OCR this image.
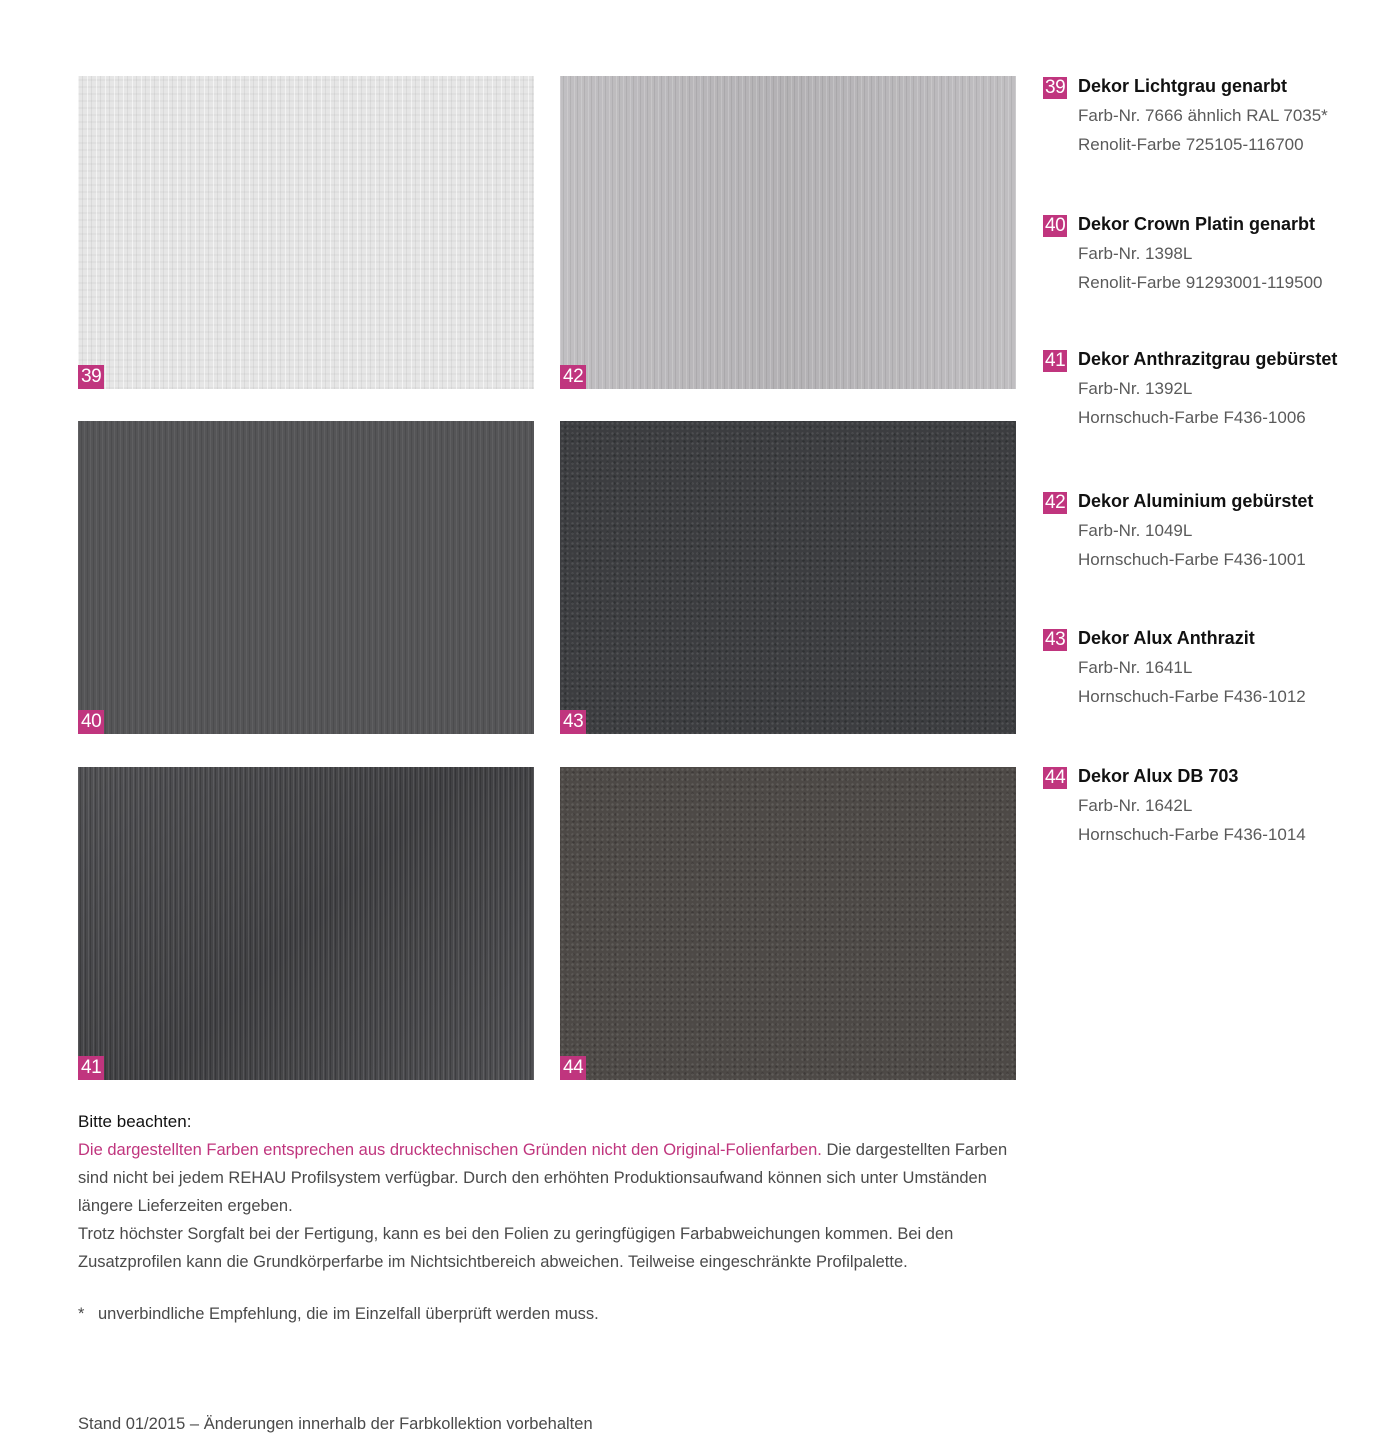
39	42
40	43
41	44
39 Dekor Lichtgrau genarbt
Farb-Nr. 7666 ähnlich RAL 7035*
Renolit-Farbe 725105-116700
40 Dekor Crown Platin genarbt
Farb-Nr. 1398L
Renolit-Farbe 91293001-119500
41 Dekor Anthrazitgrau gebürstet
Farb-Nr. 1392L
Hornschuch-Farbe F436-1006
42 Dekor Aluminium gebürstet
Farb-Nr. 1049L
Hornschuch-Farbe F436-1001
43 Dekor Alux Anthrazit
Farb-Nr. 1641L
Hornschuch-Farbe F436-1012
44 Dekor Alux DB 703
Farb-Nr. 1642L
Hornschuch-Farbe F436-1014
Bitte beachten:
Die dargestellten Farben entsprechen aus drucktechnischen Gründen nicht den Original-Folienfarben. Die dargestellten Farben sind nicht bei jedem REHAU Profilsystem verfügbar. Durch den erhöhten Produktionsaufwand können sich unter Umständen längere Lieferzeiten ergeben.
Trotz höchster Sorgfalt bei der Fertigung, kann es bei den Folien zu geringfügigen Farbabweichungen kommen. Bei den Zusatzprofilen kann die Grundkörperfarbe im Nichtsichtbereich abweichen. Teilweise eingeschränkte Profilpalette.
* unverbindliche Empfehlung, die im Einzelfall überprüft werden muss.
Stand 01/2015 – Änderungen innerhalb der Farbkollektion vorbehalten
